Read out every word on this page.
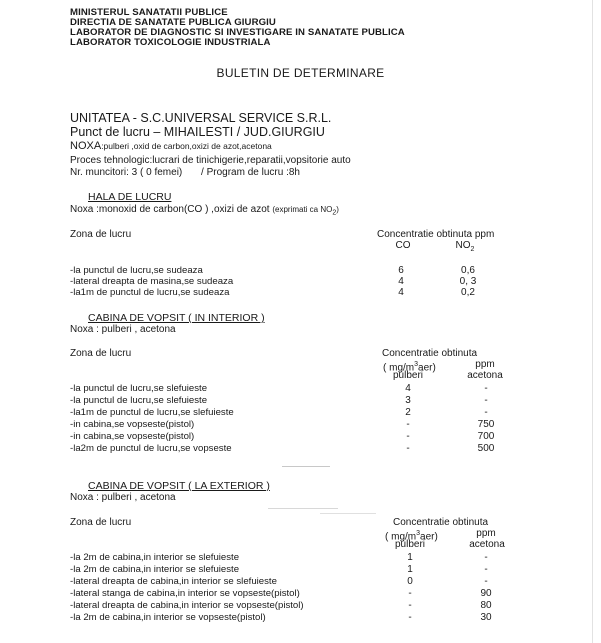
MINISTERUL SANATATII PUBLICE
DIRECTIA DE SANATATE PUBLICA GIURGIU
LABORATOR DE DIAGNOSTIC SI INVESTIGARE IN SANATATE PUBLICA
LABORATOR TOXICOLOGIE INDUSTRIALA
BULETIN DE DETERMINARE
UNITATEA - S.C.UNIVERSAL SERVICE S.R.L.
Punct de lucru – MIHAILESTI / JUD.GIURGIU
NOXA:pulberi ,oxid de carbon,oxizi de azot,acetona
Proces tehnologic:lucrari de tinichigerie,reparatii,vopsitorie auto
Nr. muncitori: 3 ( 0 femei) / Program de lucru :8h
HALA DE LUCRU
Noxa :monoxid de carbon(CO ) ,oxizi de azot (exprimati ca $NO_2$)
Zona de lucru	Concentratie obtinuta ppm
CO	$NO_2$
-la punctul de lucru,se sudeaza	6	0,6
-lateral dreapta de masina,se sudeaza	4	0, 3
-la1m de punctul de lucru,se sudeaza	4	0,2
CABINA DE VOPSIT ( IN INTERIOR )
Noxa : pulberi , acetona
Zona de lucru	Concentratie obtinuta
( $mg/m^3aer$)	ppm
pulberi	acetona
-la punctul de lucru,se slefuieste	4	-
-la punctul de lucru,se slefuieste	3	-
-la1m de punctul de lucru,se slefuieste	2	-
-in cabina,se vopseste(pistol)	-	750
-in cabina,se vopseste(pistol)	-	700
-la2m de punctul de lucru,se vopseste	-	500
CABINA DE VOPSIT ( LA EXTERIOR )
Noxa : pulberi , acetona
Zona de lucru	Concentratie obtinuta
( $mg/m^3aer$)	ppm
pulberi	acetona
-la 2m de cabina,in interior se slefuieste	1	-
-la 2m de cabina,in interior se slefuieste	1	-
-lateral dreapta de cabina,in interior se slefuieste	0	-
-lateral stanga de cabina,in interior se vopseste(pistol)	-	90
-lateral dreapta de cabina,in interior se vopseste(pistol)	-	80
-la 2m de cabina,in interior se vopseste(pistol)	-	30
